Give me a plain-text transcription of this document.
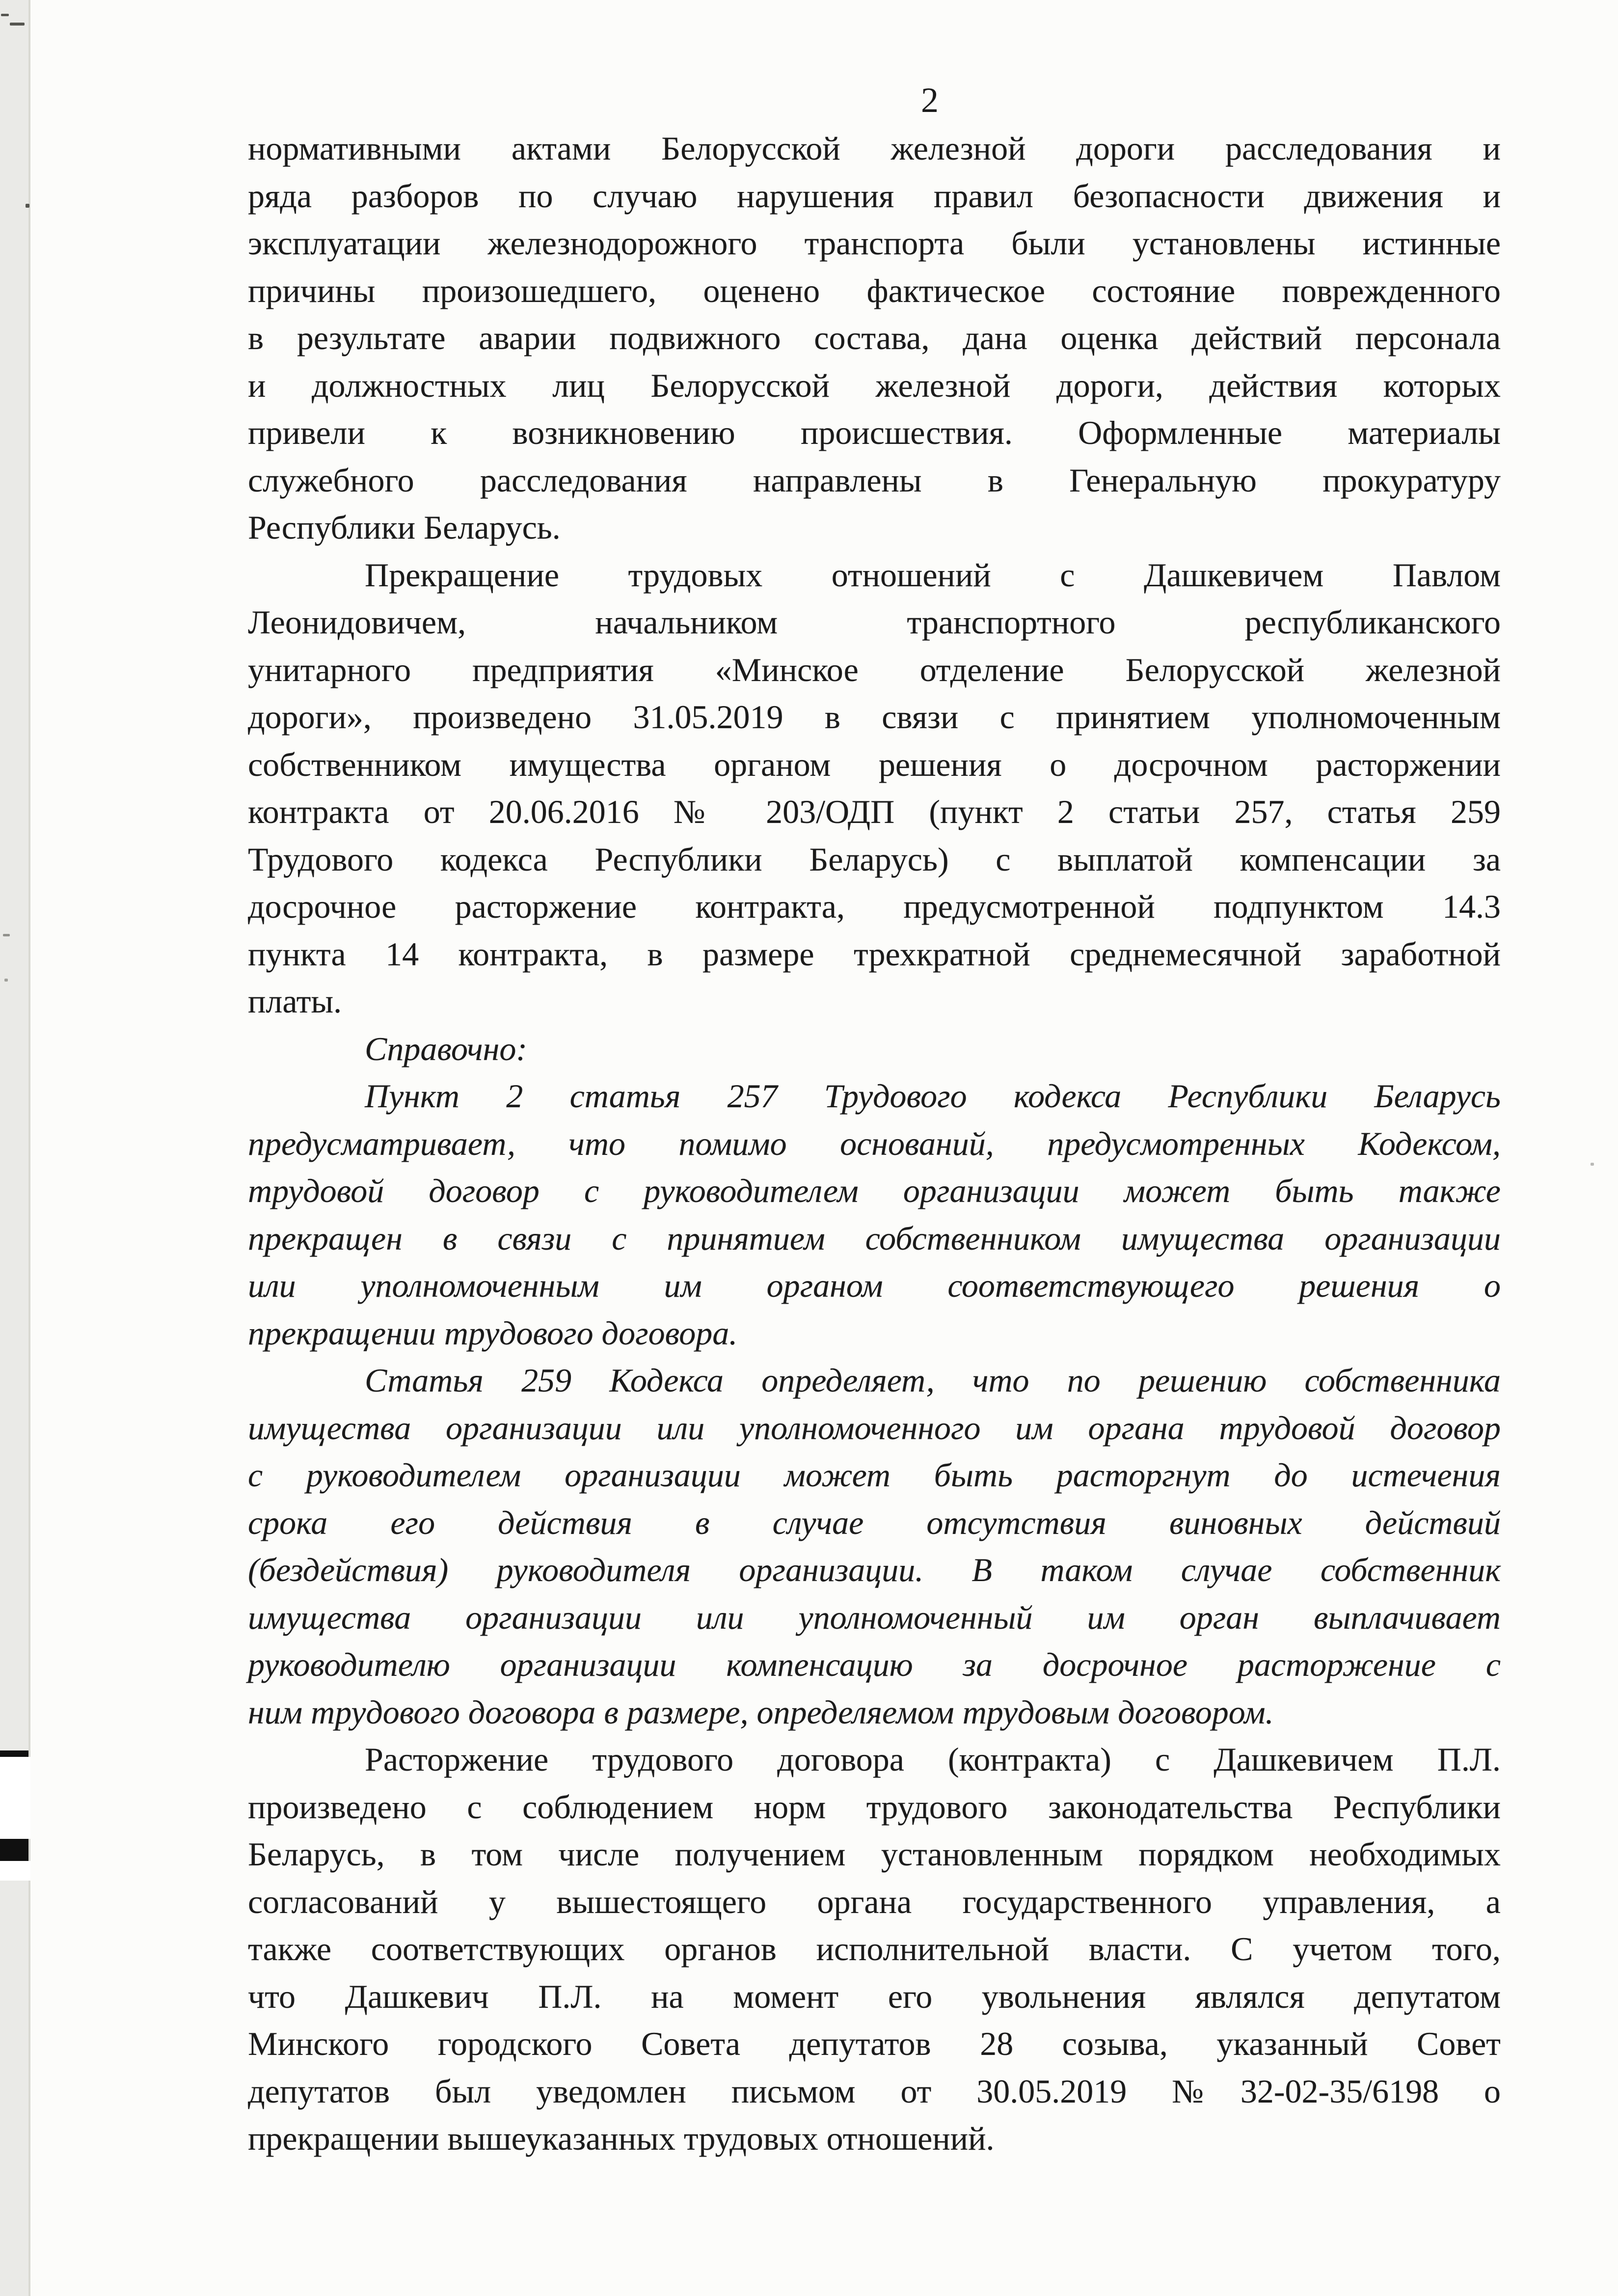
2
нормативными актами Белорусской железной дороги расследования и
ряда разборов по случаю нарушения правил безопасности движения и
эксплуатации железнодорожного транспорта были установлены истинные
причины произошедшего, оценено фактическое состояние поврежденного
в результате аварии подвижного состава, дана оценка действий персонала
и должностных лиц Белорусской железной дороги, действия которых
привели к возникновению происшествия. Оформленные материалы
служебного расследования направлены в Генеральную прокуратуру
Республики Беларусь.
Прекращение трудовых отношений с Дашкевичем Павлом
Леонидовичем, начальником транспортного республиканского
унитарного предприятия «Минское отделение Белорусской железной
дороги», произведено 31.05.2019 в связи с принятием уполномоченным
собственником имущества органом решения о досрочном расторжении
контракта от 20.06.2016 № 203/ОДП (пункт 2 статьи 257, статья 259
Трудового кодекса Республики Беларусь) с выплатой компенсации за
досрочное расторжение контракта, предусмотренной подпунктом 14.3
пункта 14 контракта, в размере трехкратной среднемесячной заработной
платы.
Справочно:
Пункт 2 статья 257 Трудового кодекса Республики Беларусь
предусматривает, что помимо оснований, предусмотренных Кодексом,
трудовой договор с руководителем организации может быть также
прекращен в связи с принятием собственником имущества организации
или уполномоченным им органом соответствующего решения о
прекращении трудового договора.
Статья 259 Кодекса определяет, что по решению собственника
имущества организации или уполномоченного им органа трудовой договор
с руководителем организации может быть расторгнут до истечения
срока его действия в случае отсутствия виновных действий
(бездействия) руководителя организации. В таком случае собственник
имущества организации или уполномоченный им орган выплачивает
руководителю организации компенсацию за досрочное расторжение с
ним трудового договора в размере, определяемом трудовым договором.
Расторжение трудового договора (контракта) с Дашкевичем П.Л.
произведено с соблюдением норм трудового законодательства Республики
Беларусь, в том числе получением установленным порядком необходимых
согласований у вышестоящего органа государственного управления, а
также соответствующих органов исполнительной власти. С учетом того,
что Дашкевич П.Л. на момент его увольнения являлся депутатом
Минского городского Совета депутатов 28 созыва, указанный Совет
депутатов был уведомлен письмом от 30.05.2019 №32-02-35/6198 о
прекращении вышеуказанных трудовых отношений.
